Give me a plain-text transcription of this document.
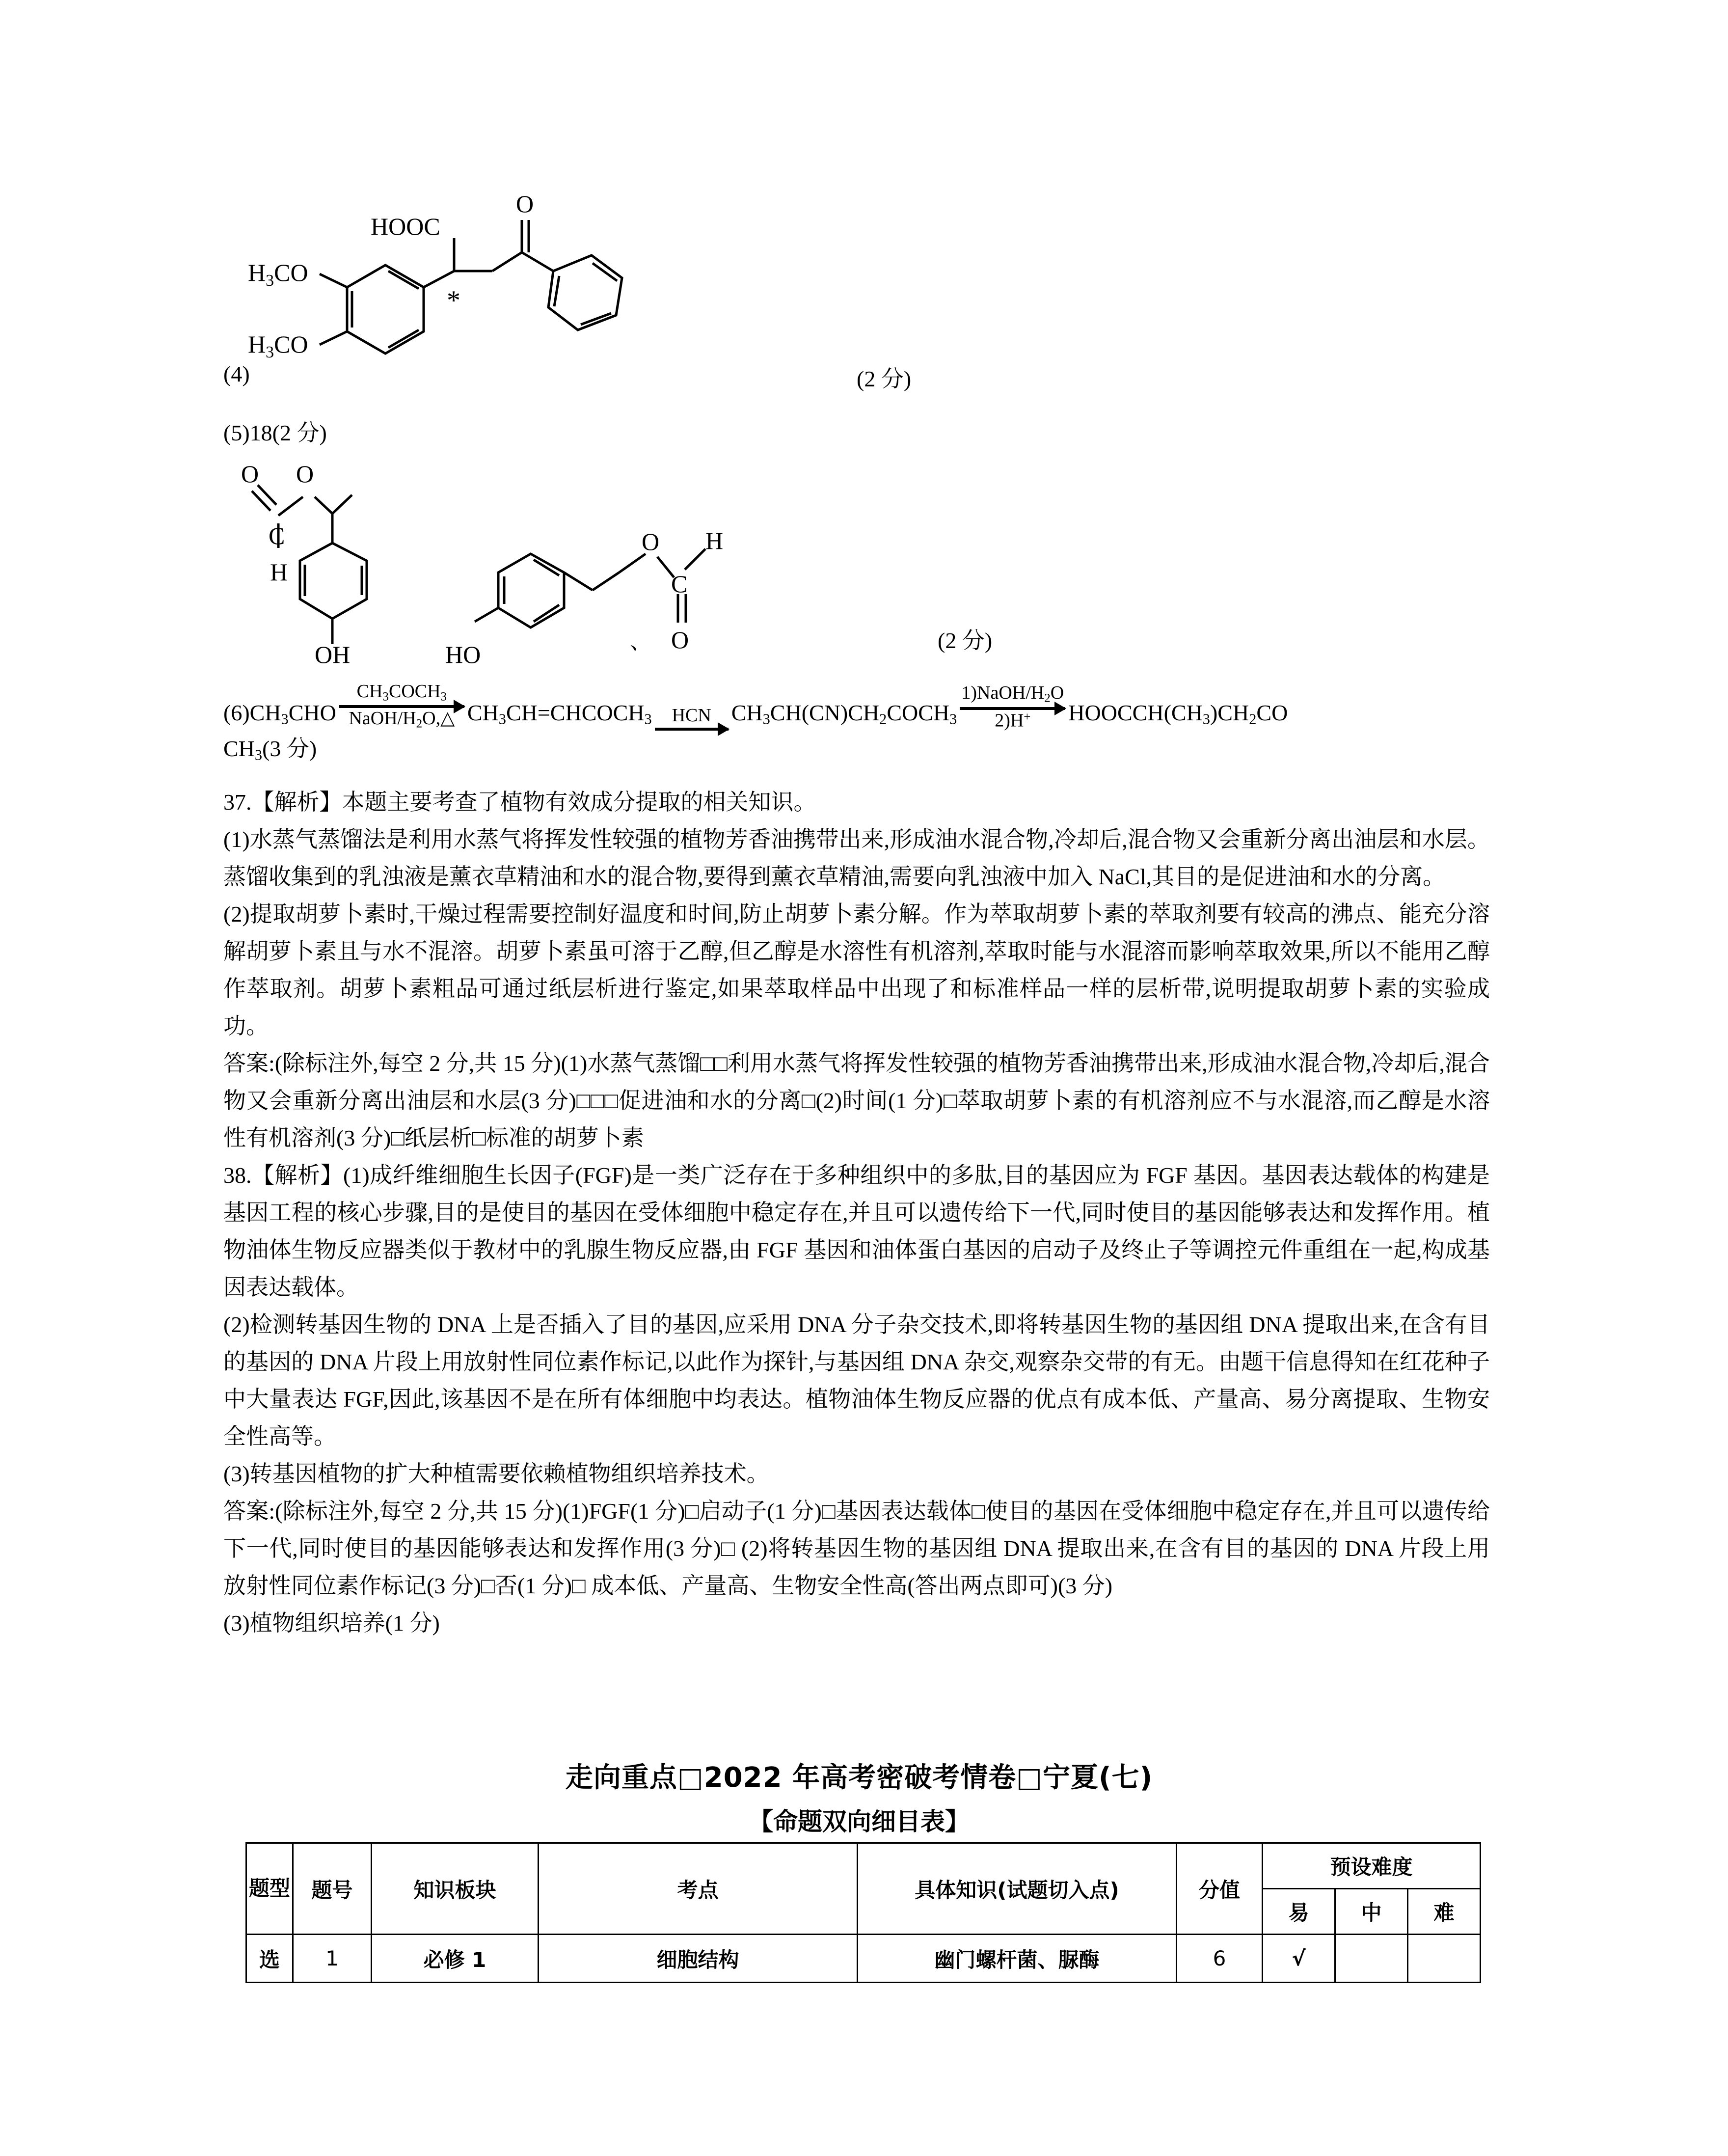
HOOC
O
$H_3CO$
$H_3CO$
*
(4)	(2 分)
(5)18(2 分)
O O
C
H
OH	HO
O H
C
O
、	(2 分)
$(6)CH_3CHO$
$CH_3COCH_3$
NaOH/$H_2O,\triangle$ $CH_3CH=CHCOCH_3$ HCN $CH_3CH(CN)CH_2COCH_3$
$1)NaOH/H_2O$
2)H+ $HOOCCH(CH_3)CH_2CO$
$CH_3(3$ 分)

37.【解析】本题主要考查了植物有效成分提取的相关知识。

(1)水蒸气蒸馏法是利用水蒸气将挥发性较强的植物芳香油携带出来,形成油水混合物,冷却后,混合物又会重新分离出油层和水层。蒸馏收集到的乳浊液是薰衣草精油和水的混合物,要得到薰衣草精油,需要向乳浊液中加入 NaCl,其目的是促进油和水的分离。

(2)提取胡萝卜素时,干燥过程需要控制好温度和时间,防止胡萝卜素分解。作为萃取胡萝卜素的萃取剂要有较高的沸点、能充分溶解胡萝卜素且与水不混溶。胡萝卜素虽可溶于乙醇,但乙醇是水溶性有机溶剂,萃取时能与水混溶而影响萃取效果,所以不能用乙醇作萃取剂。胡萝卜素粗品可通过纸层析进行鉴定,如果萃取样品中出现了和标准样品一样的层析带,说明提取胡萝卜素的实验成功。

答案:(除标注外,每空 2 分,共 15 分)(1)水蒸气蒸馏□□利用水蒸气将挥发性较强的植物芳香油携带出来,形成油水混合物,冷却后,混合物又会重新分离出油层和水层(3 分)□□□促进油和水的分离□(2)时间(1 分)□萃取胡萝卜素的有机溶剂应不与水混溶,而乙醇是水溶性有机溶剂(3 分)□纸层析□标准的胡萝卜素

38.【解析】(1)成纤维细胞生长因子(FGF)是一类广泛存在于多种组织中的多肽,目的基因应为 FGF 基因。基因表达载体的构建是基因工程的核心步骤,目的是使目的基因在受体细胞中稳定存在,并且可以遗传给下一代,同时使目的基因能够表达和发挥作用。植物油体生物反应器类似于教材中的乳腺生物反应器,由 FGF 基因和油体蛋白基因的启动子及终止子等调控元件重组在一起,构成基因表达载体。

(2)检测转基因生物的 DNA 上是否插入了目的基因,应采用 DNA 分子杂交技术,即将转基因生物的基因组 DNA 提取出来,在含有目的基因的 DNA 片段上用放射性同位素作标记,以此作为探针,与基因组 DNA 杂交,观察杂交带的有无。由题干信息得知在红花种子中大量表达 FGF,因此,该基因不是在所有体细胞中均表达。植物油体生物反应器的优点有成本低、产量高、易分离提取、生物安全性高等。

(3)转基因植物的扩大种植需要依赖植物组织培养技术。

答案:(除标注外,每空 2 分,共 15 分)(1)FGF(1 分)□启动子(1 分)□基因表达载体□使目的基因在受体细胞中稳定存在,并且可以遗传给下一代,同时使目的基因能够表达和发挥作用(3 分)□ (2)将转基因生物的基因组 DNA 提取出来,在含有目的基因的 DNA 片段上用放射性同位素作标记(3 分)□否(1 分)□ 成本低、产量高、生物安全性高(答出两点即可)(3 分)

(3)植物组织培养(1 分)

走向重点□2022 年高考密破考情卷□宁夏(七)
【命题双向细目表】
题型	题号	知识板块	考点	具体知识(试题切入点)	分值	预设难度		
						易	中	难
选	1	必修 1	细胞结构	幽门螺杆菌、脲酶	6	√		
